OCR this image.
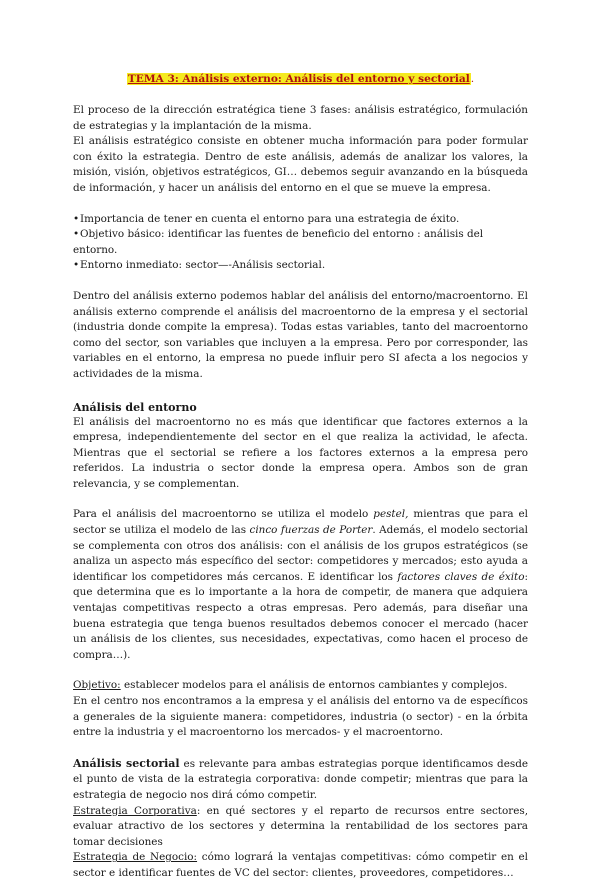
TEMA 3: Análisis externo: Análisis del entorno y sectorial.

El proceso de la dirección estratégica tiene 3 fases: análisis estratégico, formulación de estrategias y la implantación de la misma.

El análisis estratégico consiste en obtener mucha información para poder formular con éxito la estrategia. Dentro de este análisis, además de analizar los valores, la misión, visión, objetivos estratégicos, GI… debemos seguir avanzando en la búsqueda de información, y hacer un análisis del entorno en el que se mueve la empresa.

•Importancia de tener en cuenta el entorno para una estrategia de éxito.
•Objetivo básico: identificar las fuentes de beneficio del entorno : análisis del entorno.
•Entorno inmediato: sector—-Análisis sectorial.

Dentro del análisis externo podemos hablar del análisis del entorno/macroentorno. El análisis externo comprende el análisis del macroentorno de la empresa y el sectorial (industria donde compite la empresa). Todas estas variables, tanto del macroentorno como del sector, son variables que incluyen a la empresa. Pero por corresponder, las variables en el entorno, la empresa no puede influir pero SI afecta a los negocios y actividades de la misma.

Análisis del entorno

El análisis del macroentorno no es más que identificar que factores externos a la empresa, independientemente del sector en el que realiza la actividad, le afecta. Mientras que el sectorial se refiere a los factores externos a la empresa pero referidos. La industria o sector donde la empresa opera. Ambos son de gran relevancia, y se complementan.

Para el análisis del macroentorno se utiliza el modelo pestel, mientras que para el sector se utiliza el modelo de las cinco fuerzas de Porter. Además, el modelo sectorial se complementa con otros dos análisis: con el análisis de los grupos estratégicos (se analiza un aspecto más específico del sector: competidores y mercados; esto ayuda a identificar los competidores más cercanos. E identificar los factores claves de éxito: que determina que es lo importante a la hora de competir, de manera que adquiera ventajas competitivas respecto a otras empresas. Pero además, para diseñar una buena estrategia que tenga buenos resultados debemos conocer el mercado (hacer un análisis de los clientes, sus necesidades, expectativas, como hacen el proceso de compra…).

Objetivo: establecer modelos para el análisis de entornos cambiantes y complejos.

En el centro nos encontramos a la empresa y el análisis del entorno va de específicos a generales de la siguiente manera: competidores, industria (o sector) - en la órbita entre la industria y el macroentorno los mercados- y el macroentorno.

Análisis sectorial es relevante para ambas estrategias porque identificamos desde el punto de vista de la estrategia corporativa: donde competir; mientras que para la estrategia de negocio nos dirá cómo competir.

Estrategia Corporativa: en qué sectores y el reparto de recursos entre sectores, evaluar atractivo de los sectores y determina la rentabilidad de los sectores para tomar decisiones

Estrategia de Negocio: cómo logrará la ventajas competitivas: cómo competir en el sector e identificar fuentes de VC del sector: clientes, proveedores, competidores…
